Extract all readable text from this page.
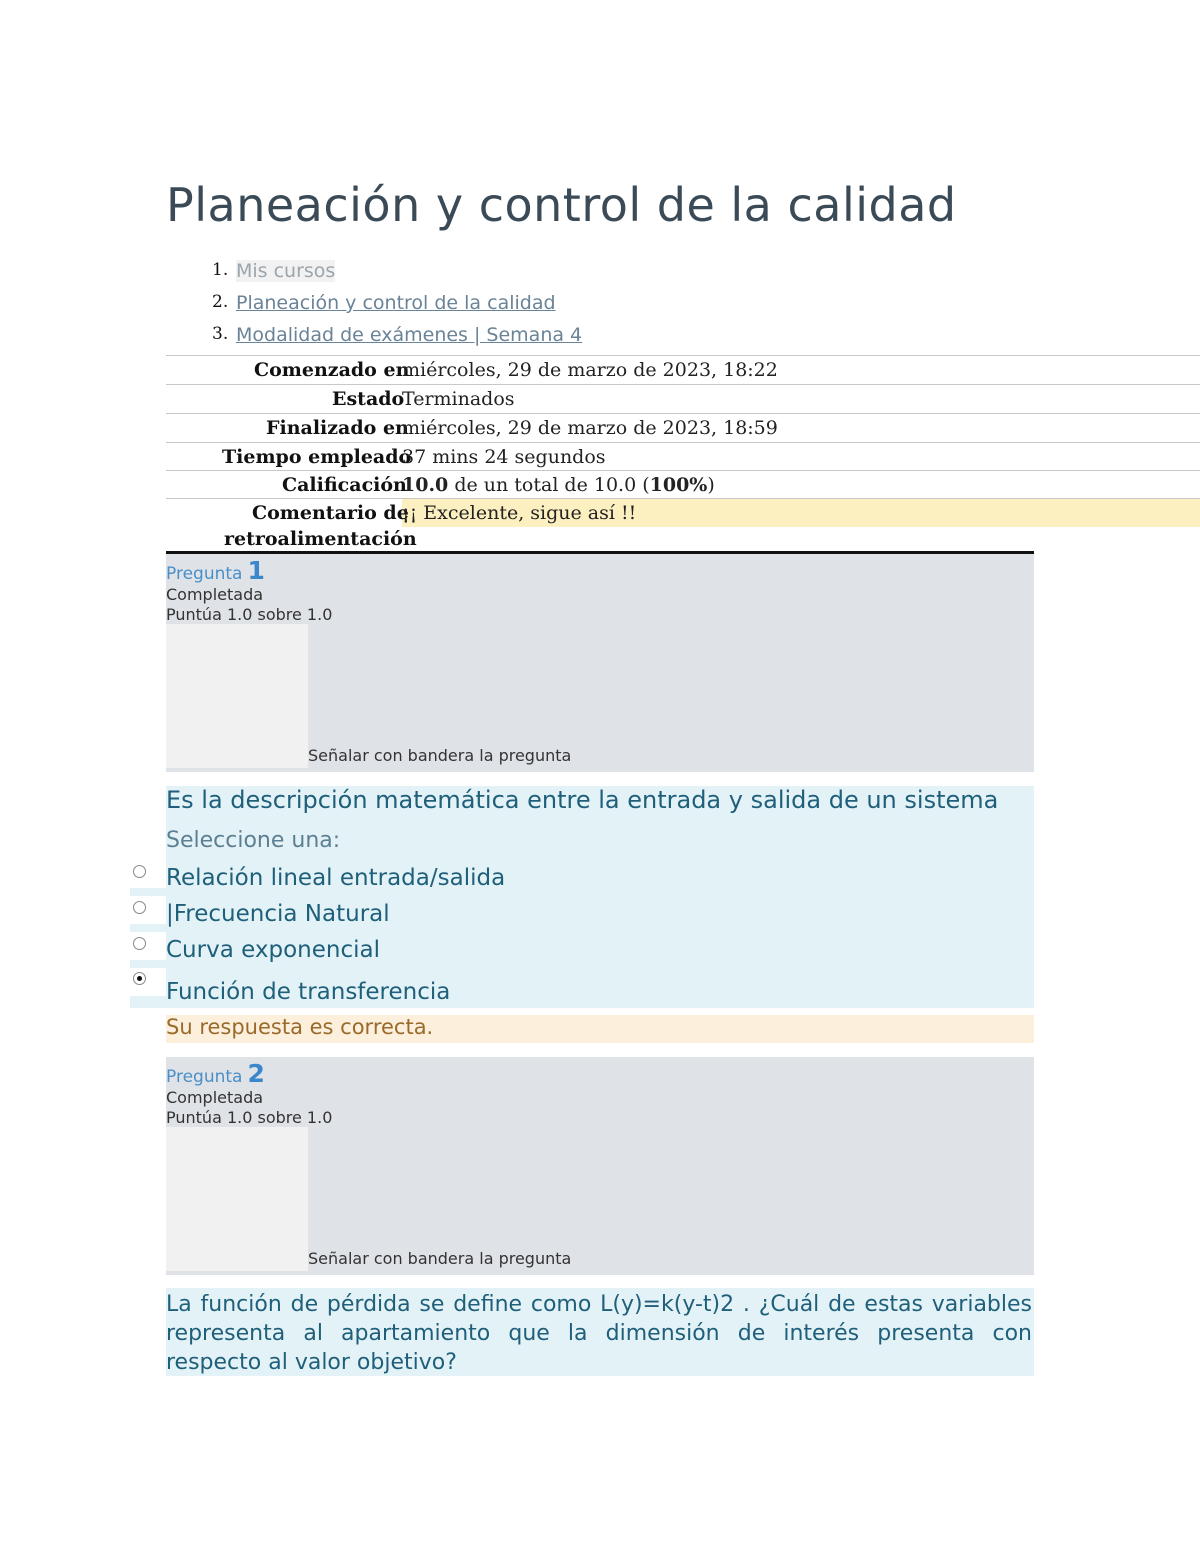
Planeación y control de la calidad
1. Mis cursos
2. Planeación y control de la calidad
3. Modalidad de exámenes | Semana 4
Comenzado en
miércoles, 29 de marzo de 2023, 18:22
Estado
Terminados
Finalizado en
miércoles, 29 de marzo de 2023, 18:59
Tiempo empleado
37 mins 24 segundos
Calificación
10.0 de un total de 10.0 (100%)
Comentario de
¡¡ Excelente, sigue así !!
retroalimentación
Pregunta 1
Completada
Puntúa 1.0 sobre 1.0
Señalar con bandera la pregunta
Es la descripción matemática entre la entrada y salida de un sistema
Seleccione una:
Relación lineal entrada/salida
|Frecuencia Natural
Curva exponencial
Función de transferencia
Su respuesta es correcta.
Pregunta 2
Completada
Puntúa 1.0 sobre 1.0
Señalar con bandera la pregunta
La función de pérdida se define como L(y)=k(y-t)2 . ¿Cuál de estas variables representa al apartamiento que la dimensión de interés presenta con respecto al valor objetivo?
